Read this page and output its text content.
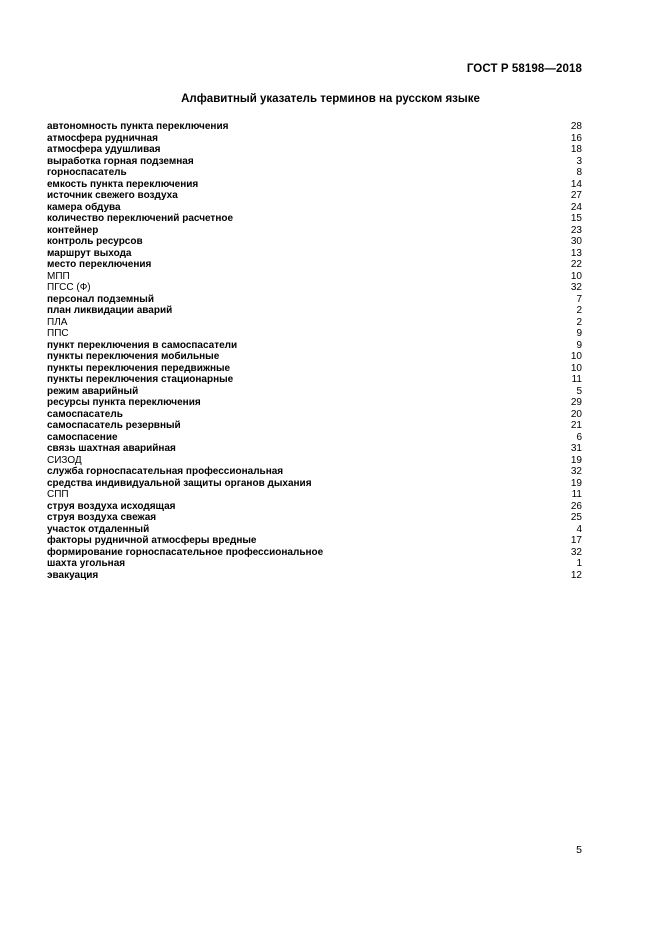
ГОСТ Р 58198—2018
Алфавитный указатель терминов на русском языке
автономность пункта переключения	28
атмосфера рудничная	16
атмосфера удушливая	18
выработка горная подземная	3
горноспасатель	8
емкость пункта переключения	14
источник свежего воздуха	27
камера обдува	24
количество переключений расчетное	15
контейнер	23
контроль ресурсов	30
маршрут выхода	13
место переключения	22
МПП	10
ПГСС (Ф)	32
персонал подземный	7
план ликвидации аварий	2
ПЛА	2
ППС	9
пункт переключения в самоспасатели	9
пункты переключения мобильные	10
пункты переключения передвижные	10
пункты переключения стационарные	11
режим аварийный	5
ресурсы пункта переключения	29
самоспасатель	20
самоспасатель резервный	21
самоспасение	6
связь шахтная аварийная	31
СИЗОД	19
служба горноспасательная профессиональная	32
средства индивидуальной защиты органов дыхания	19
СПП	11
струя воздуха исходящая	26
струя воздуха свежая	25
участок отдаленный	4
факторы рудничной атмосферы вредные	17
формирование горноспасательное профессиональное	32
шахта угольная	1
эвакуация	12
5
